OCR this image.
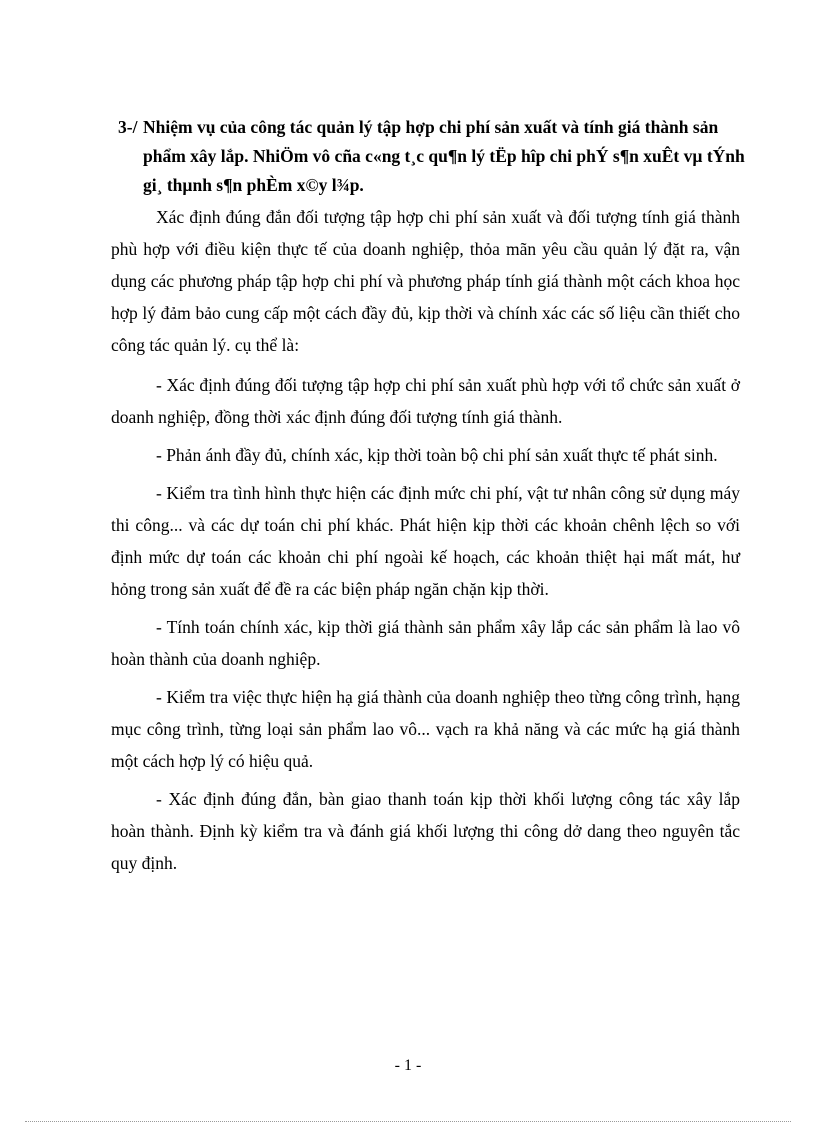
3-/ Nhiệm vụ của công tác quản lý tập hợp chi phí sản xuất và tính giá thành sản phẩm xây lắp. NhiÖm vô cña c«ng t¸c qu¶n lý tËp hîp chi phÝ s¶n xuÊt vµ tÝnh gi¸ thµnh s¶n phÈm x©y l¾p.

Xác định đúng đắn đối tượng tập hợp chi phí sản xuất và đối tượng tính giá thành phù hợp với điều kiện thực tế của doanh nghiệp, thỏa mãn yêu cầu quản lý đặt ra, vận dụng các phương pháp tập hợp chi phí và phương pháp tính giá thành một cách khoa học hợp lý đảm bảo cung cấp một cách đầy đủ, kịp thời và chính xác các số liệu cần thiết cho công tác quản lý. cụ thể là:

- Xác định đúng đối tượng tập hợp chi phí sản xuất phù hợp với tổ chức sản xuất ở doanh nghiệp, đồng thời xác định đúng đối tượng tính giá thành.

- Phản ánh đầy đủ, chính xác, kịp thời toàn bộ chi phí sản xuất thực tế phát sinh.

- Kiểm tra tình hình thực hiện các định mức chi phí, vật tư nhân công sử dụng máy thi công... và các dự toán chi phí khác. Phát hiện kịp thời các khoản chênh lệch so với định mức dự toán các khoản chi phí ngoài kế hoạch, các khoản thiệt hại mất mát, hư hỏng trong sản xuất để đề ra các biện pháp ngăn chặn kịp thời.

- Tính toán chính xác, kịp thời giá thành sản phẩm xây lắp các sản phẩm là lao vô hoàn thành của doanh nghiệp.

- Kiểm tra việc thực hiện hạ giá thành của doanh nghiệp theo từng công trình, hạng mục công trình, từng loại sản phẩm lao vô... vạch ra khả năng và các mức hạ giá thành một cách hợp lý có hiệu quả.

- Xác định đúng đắn, bàn giao thanh toán kịp thời khối lượng công tác xây lắp hoàn thành. Định kỳ kiểm tra và đánh giá khối lượng thi công dở dang theo nguyên tắc quy định.

- 1 -
